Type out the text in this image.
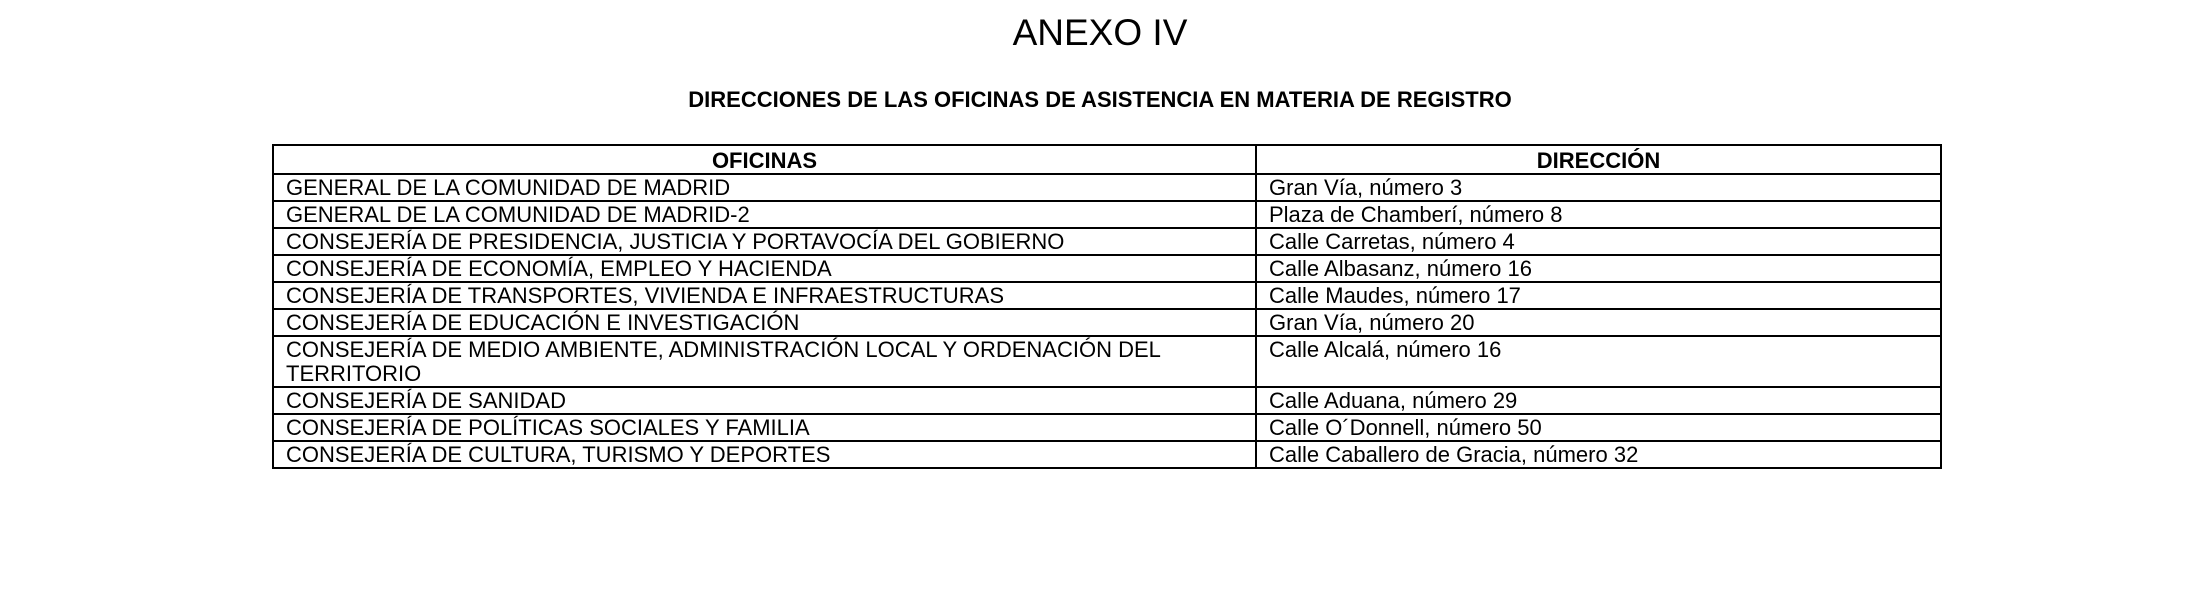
ANEXO IV
DIRECCIONES DE LAS OFICINAS DE ASISTENCIA EN MATERIA DE REGISTRO
OFICINAS	DIRECCIÓN
GENERAL DE LA COMUNIDAD DE MADRID	Gran Vía, número 3
GENERAL DE LA COMUNIDAD DE MADRID-2	Plaza de Chamberí, número 8
CONSEJERÍA DE PRESIDENCIA, JUSTICIA Y PORTAVOCÍA DEL GOBIERNO	Calle Carretas, número 4
CONSEJERÍA DE ECONOMÍA, EMPLEO Y HACIENDA	Calle Albasanz, número 16
CONSEJERÍA DE TRANSPORTES, VIVIENDA E INFRAESTRUCTURAS	Calle Maudes, número 17
CONSEJERÍA DE EDUCACIÓN E INVESTIGACIÓN	Gran Vía, número 20
CONSEJERÍA DE MEDIO AMBIENTE, ADMINISTRACIÓN LOCAL Y ORDENACIÓN DEL TERRITORIO	Calle Alcalá, número 16
CONSEJERÍA DE SANIDAD	Calle Aduana, número 29
CONSEJERÍA DE POLÍTICAS SOCIALES Y FAMILIA	Calle O´Donnell, número 50
CONSEJERÍA DE CULTURA, TURISMO Y DEPORTES	Calle Caballero de Gracia, número 32
